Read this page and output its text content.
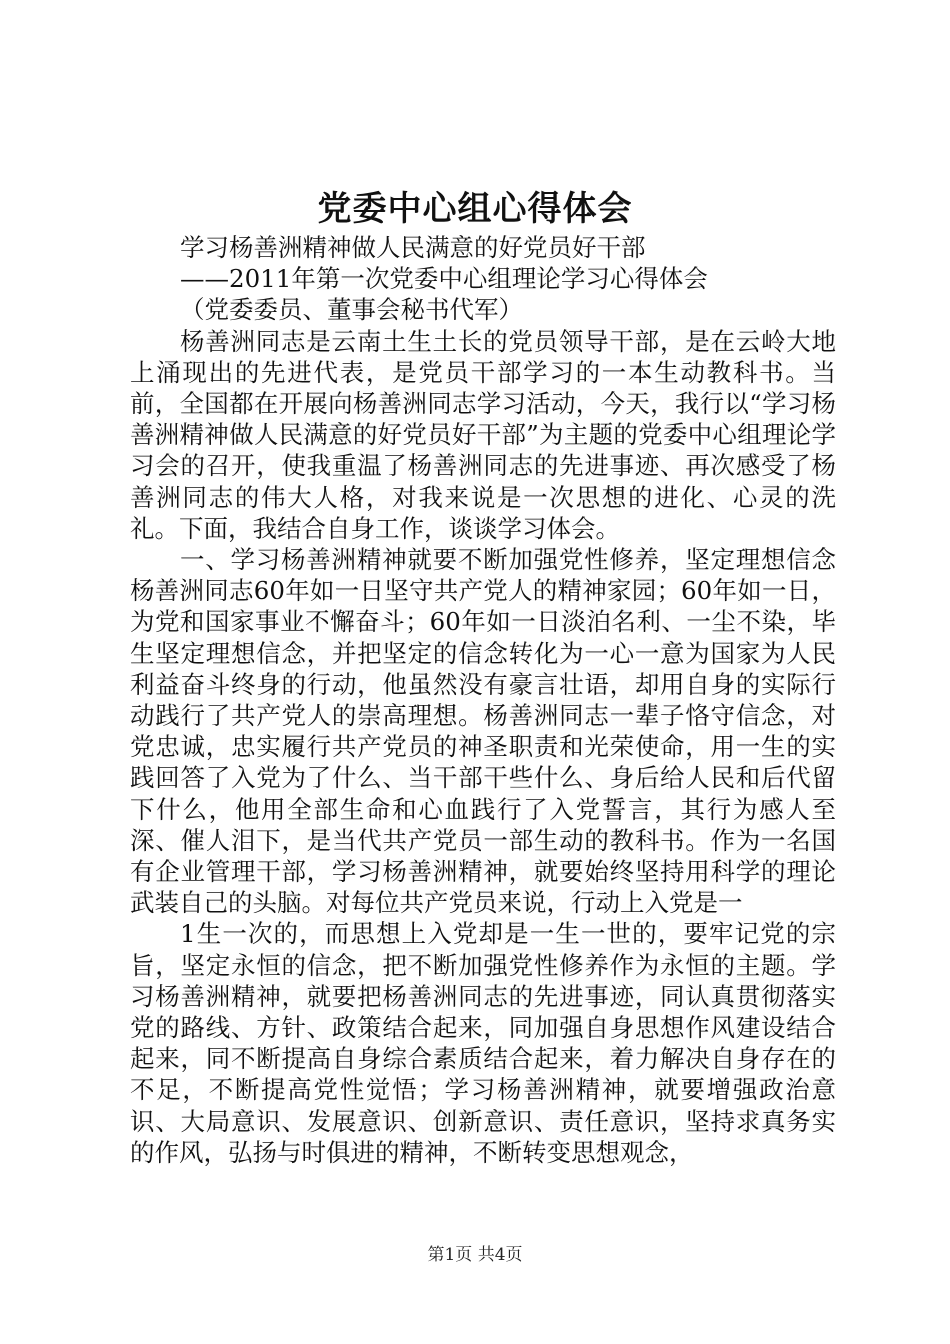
党委中心组心得体会

学习杨善洲精神做人民满意的好党员好干部

——2011年第一次党委中心组理论学习心得体会

（党委委员、董事会秘书代军）

杨善洲同志是云南土生土长的党员领导干部，是在云岭大地上涌现出的先进代表，是党员干部学习的一本生动教科书。当前，全国都在开展向杨善洲同志学习活动，今天，我行以“学习杨善洲精神做人民满意的好党员好干部”为主题的党委中心组理论学习会的召开，使我重温了杨善洲同志的先进事迹、再次感受了杨善洲同志的伟大人格，对我来说是一次思想的进化、心灵的洗礼。下面，我结合自身工作，谈谈学习体会。

一、学习杨善洲精神就要不断加强党性修养，坚定理想信念杨善洲同志60年如一日坚守共产党人的精神家园；60年如一日，为党和国家事业不懈奋斗；60年如一日淡泊名利、一尘不染，毕生坚定理想信念，并把坚定的信念转化为一心一意为国家为人民利益奋斗终身的行动，他虽然没有豪言壮语，却用自身的实际行动践行了共产党人的崇高理想。杨善洲同志一辈子恪守信念，对党忠诚，忠实履行共产党员的神圣职责和光荣使命，用一生的实践回答了入党为了什么、当干部干些什么、身后给人民和后代留下什么，他用全部生命和心血践行了入党誓言，其行为感人至深、催人泪下，是当代共产党员一部生动的教科书。作为一名国有企业管理干部，学习杨善洲精神，就要始终坚持用科学的理论武装自己的头脑。对每位共产党员来说，行动上入党是一

1生一次的，而思想上入党却是一生一世的，要牢记党的宗旨，坚定永恒的信念，把不断加强党性修养作为永恒的主题。学习杨善洲精神，就要把杨善洲同志的先进事迹，同认真贯彻落实党的路线、方针、政策结合起来，同加强自身思想作风建设结合起来，同不断提高自身综合素质结合起来，着力解决自身存在的不足，不断提高党性觉悟；学习杨善洲精神，就要增强政治意识、大局意识、发展意识、创新意识、责任意识，坚持求真务实的作风，弘扬与时俱进的精神，不断转变思想观念，

第1页 共4页
